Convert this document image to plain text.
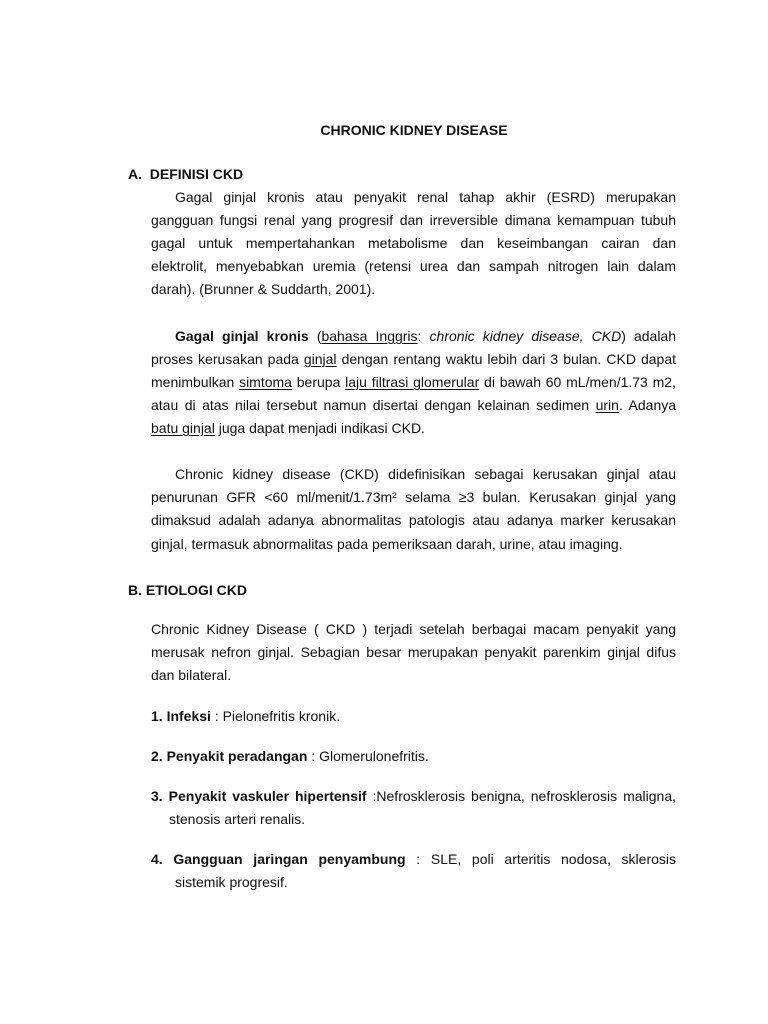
CHRONIC KIDNEY DISEASE
A. DEFINISI CKD
Gagal ginjal kronis atau penyakit renal tahap akhir (ESRD) merupakan
gangguan fungsi renal yang progresif dan irreversible dimana kemampuan tubuh
gagal untuk mempertahankan metabolisme dan keseimbangan cairan dan
elektrolit, menyebabkan uremia (retensi urea dan sampah nitrogen lain dalam
darah). (Brunner & Suddarth, 2001).
Gagal ginjal kronis (bahasa Inggris: chronic kidney disease, CKD) adalah
proses kerusakan pada ginjal dengan rentang waktu lebih dari 3 bulan. CKD dapat
menimbulkan simtoma berupa laju filtrasi glomerular di bawah 60 mL/men/1.73 m2,
atau di atas nilai tersebut namun disertai dengan kelainan sedimen urin. Adanya
batu ginjal juga dapat menjadi indikasi CKD.
Chronic kidney disease (CKD) didefinisikan sebagai kerusakan ginjal atau
penurunan GFR <60 ml/menit/1.73m² selama ≥3 bulan. Kerusakan ginjal yang
dimaksud adalah adanya abnormalitas patologis atau adanya marker kerusakan
ginjal, termasuk abnormalitas pada pemeriksaan darah, urine, atau imaging.
B. ETIOLOGI CKD
Chronic Kidney Disease ( CKD ) terjadi setelah berbagai macam penyakit yang
merusak nefron ginjal. Sebagian besar merupakan penyakit parenkim ginjal difus
dan bilateral.
1. Infeksi : Pielonefritis kronik.
2. Penyakit peradangan : Glomerulonefritis.
3. Penyakit vaskuler hipertensif :Nefrosklerosis benigna, nefrosklerosis maligna,
stenosis arteri renalis.
4. Gangguan jaringan penyambung : SLE, poli arteritis nodosa, sklerosis
sistemik progresif.
